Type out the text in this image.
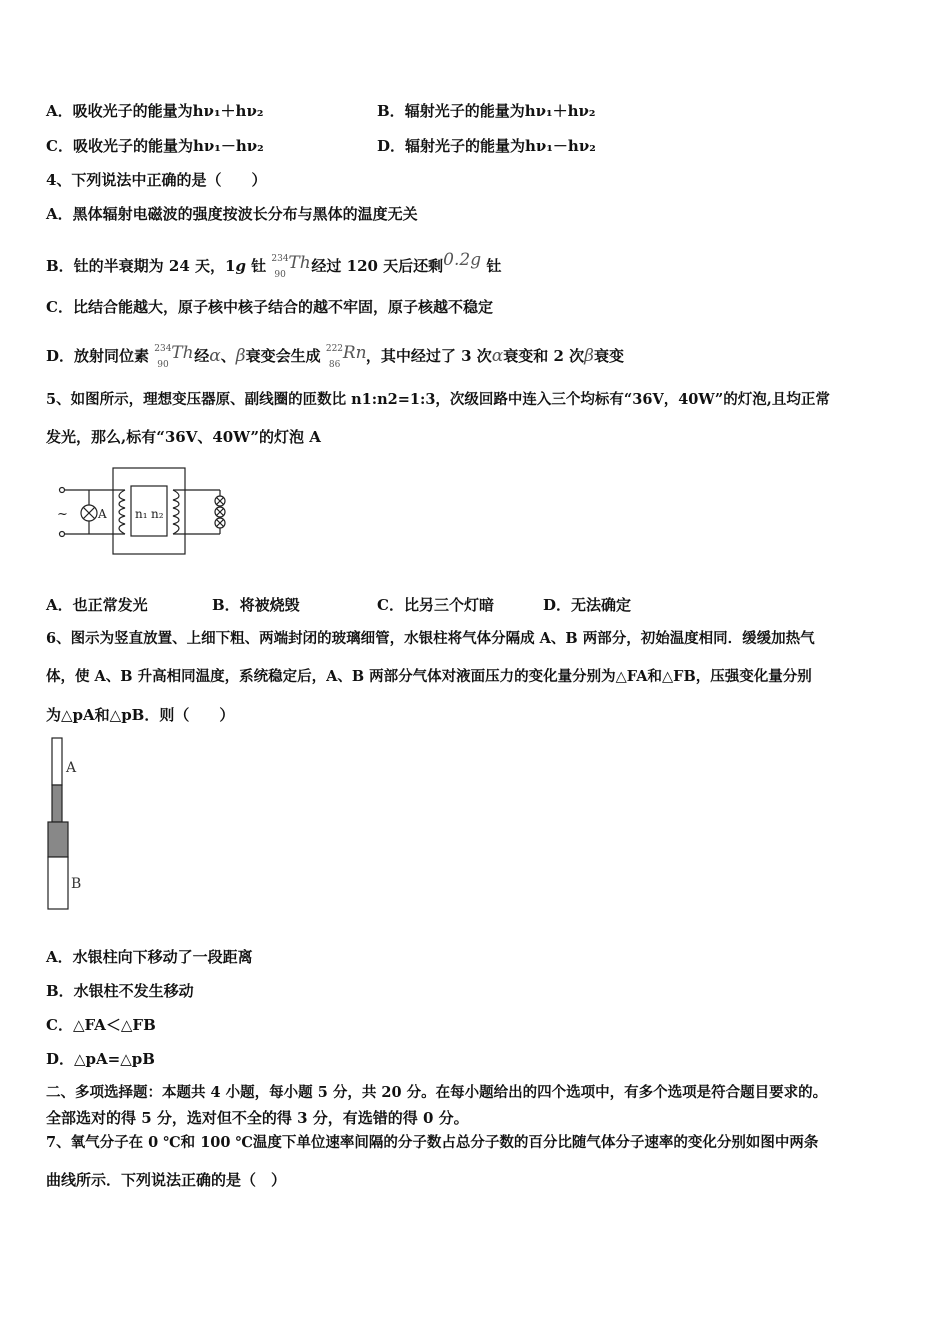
A．吸收光子的能量为hν₁＋hν₂	B．辐射光子的能量为hν₁＋hν₂
C．吸收光子的能量为hν₁－hν₂	D．辐射光子的能量为hν₁－hν₂
4、下列说法中正确的是（　　）
A．黑体辐射电磁波的强度按波长分布与黑体的温度无关
B．钍的半衰期为 24 天，1g 钍 234
90
Th 经过 120 天后还剩0.2g 钍
C．比结合能越大，原子核中核子结合的越不牢固，原子核越不稳定
D．放射同位素 234
90
Th 经α、β衰变会生成 222
86
Rn ，其中经过了 3 次α衰变和 2 次β衰变
5、如图所示，理想变压器原、副线圈的匝数比 n1:n2=1:3，次级回路中连入三个均标有“36V，40W”的灯泡,且均正常
发光，那么,标有“36V、40W”的灯泡 A
~	A n₁ n₂
A．也正常发光	B．将被烧毁	C．比另三个灯暗	D．无法确定
6、图示为竖直放置、上细下粗、两端封闭的玻璃细管，水银柱将气体分隔成 A、B 两部分，初始温度相同．缓缓加热气
体，使 A、B 升高相同温度，系统稳定后，A、B 两部分气体对液面压力的变化量分别为△FA和△FB，压强变化量分别
为△pA和△pB．则（　　）
A
B
A．水银柱向下移动了一段距离
B．水银柱不发生移动
C．△FA＜△FB
D．△pA=△pB
二、多项选择题：本题共 4 小题，每小题 5 分，共 20 分。在每小题给出的四个选项中，有多个选项是符合题目要求的。
全部选对的得 5 分，选对但不全的得 3 分，有选错的得 0 分。
7、氧气分子在 0 ℃和 100 ℃温度下单位速率间隔的分子数占总分子数的百分比随气体分子速率的变化分别如图中两条
曲线所示．下列说法正确的是（　）
